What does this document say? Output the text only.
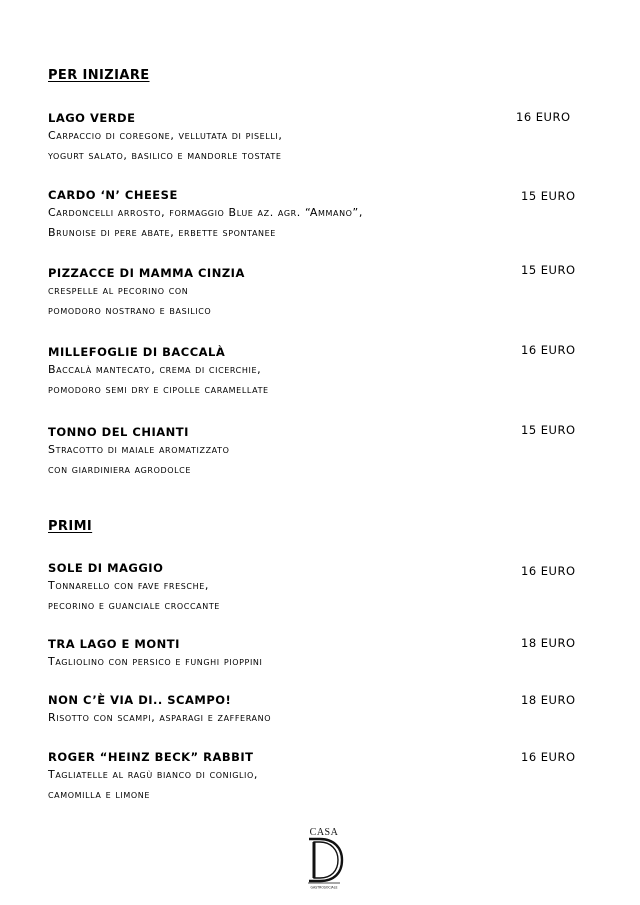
PER INIZIARE
LAGO VERDE
Carpaccio di coregone, vellutata di piselli,
yogurt salato, basilico e mandorle tostate
16 EURO
CARDO ‘N’ CHEESE
Cardoncelli arrosto, formaggio Blue az. agr. “Ammano”,
Brunoise di pere abate, erbette spontanee
15 EURO
PIZZACCE DI MAMMA CINZIA
crespelle al pecorino con
pomodoro nostrano e basilico
15 EURO
MILLEFOGLIE DI BACCALÀ
Baccalà mantecato, crema di cicerchie,
pomodoro semi dry e cipolle caramellate
16 EURO
TONNO DEL CHIANTI
Stracotto di maiale aromatizzato
con giardiniera agrodolce
15 EURO
PRIMI
SOLE DI MAGGIO
Tonnarello con fave fresche,
pecorino e guanciale croccante
16 EURO
TRA LAGO E MONTI
Tagliolino con persico e funghi pioppini
18 EURO
NON C’È VIA DI.. SCAMPO!
Risotto con scampi, asparagi e zafferano
18 EURO
ROGER “HEINZ BECK” RABBIT
Tagliatelle al ragù bianco di coniglio,
camomilla e limone
16 EURO
CASA
GASTROSOCIALE
